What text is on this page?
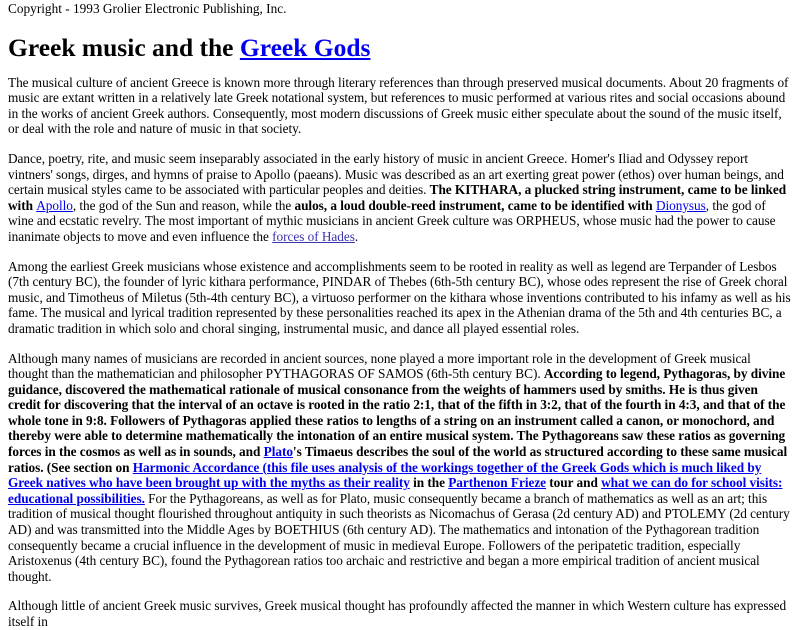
Copyright - 1993 Grolier Electronic Publishing, Inc.
Greek music and the Greek Gods

The musical culture of ancient Greece is known more through literary references than through preserved musical documents. About 20 fragments of music are extant written in a relatively late Greek notational system, but references to music performed at various rites and social occasions abound in the works of ancient Greek authors. Consequently, most modern discussions of Greek music either speculate about the sound of the music itself, or deal with the role and nature of music in that society.

Dance, poetry, rite, and music seem inseparably associated in the early history of music in ancient Greece. Homer's Iliad and Odyssey report vintners' songs, dirges, and hymns of praise to Apollo (paeans). Music was described as an art exerting great power (ethos) over human beings, and certain musical styles came to be associated with particular peoples and deities. The KITHARA, a plucked string instrument, came to be linked with Apollo, the god of the Sun and reason, while the aulos, a loud double-reed instrument, came to be identified with Dionysus, the god of wine and ecstatic revelry. The most important of mythic musicians in ancient Greek culture was ORPHEUS, whose music had the power to cause inanimate objects to move and even influence the forces of Hades.

Among the earliest Greek musicians whose existence and accomplishments seem to be rooted in reality as well as legend are Terpander of Lesbos (7th century BC), the founder of lyric kithara performance, PINDAR of Thebes (6th-5th century BC), whose odes represent the rise of Greek choral music, and Timotheus of Miletus (5th-4th century BC), a virtuoso performer on the kithara whose inventions contributed to his infamy as well as his fame. The musical and lyrical tradition represented by these personalities reached its apex in the Athenian drama of the 5th and 4th centuries BC, a dramatic tradition in which solo and choral singing, instrumental music, and dance all played essential roles.

Although many names of musicians are recorded in ancient sources, none played a more important role in the development of Greek musical thought than the mathematician and philosopher PYTHAGORAS OF SAMOS (6th-5th century BC). According to legend, Pythagoras, by divine guidance, discovered the mathematical rationale of musical consonance from the weights of hammers used by smiths. He is thus given credit for discovering that the interval of an octave is rooted in the ratio 2:1, that of the fifth in 3:2, that of the fourth in 4:3, and that of the whole tone in 9:8. Followers of Pythagoras applied these ratios to lengths of a string on an instrument called a canon, or monochord, and thereby were able to determine mathematically the intonation of an entire musical system. The Pythagoreans saw these ratios as governing forces in the cosmos as well as in sounds, and Plato's Timaeus describes the soul of the world as structured according to these same musical ratios. (See section on Harmonic Accordance (this file uses analysis of the workings together of the Greek Gods which is much liked by Greek natives who have been brought up with the myths as their reality in the Parthenon Frieze tour and what we can do for school visits: educational possibilities. For the Pythagoreans, as well as for Plato, music consequently became a branch of mathematics as well as an art; this tradition of musical thought flourished throughout antiquity in such theorists as Nicomachus of Gerasa (2d century AD) and PTOLEMY (2d century AD) and was transmitted into the Middle Ages by BOETHIUS (6th century AD). The mathematics and intonation of the Pythagorean tradition consequently became a crucial influence in the development of music in medieval Europe. Followers of the peripatetic tradition, especially Aristoxenus (4th century BC), found the Pythagorean ratios too archaic and restrictive and began a more empirical tradition of ancient musical thought.

Although little of ancient Greek music survives, Greek musical thought has profoundly affected the manner in which Western culture has expressed itself in
